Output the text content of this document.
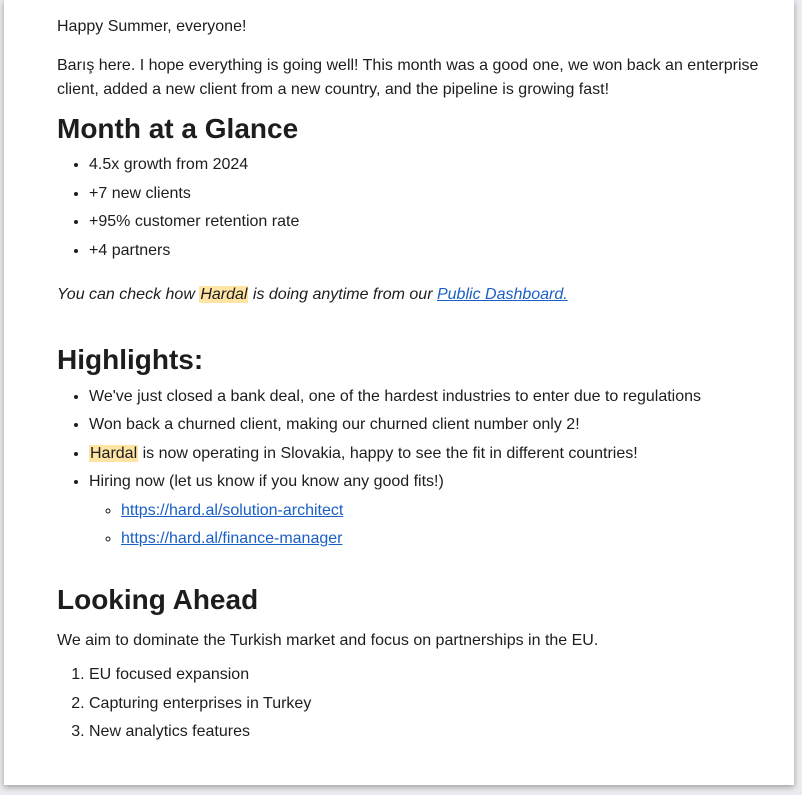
Happy Summer, everyone!

Barış here. I hope everything is going well! This month was a good one, we won back an enterprise client, added a new client from a new country, and the pipeline is growing fast!

Month at a Glance
• 4.5x growth from 2024
• +7 new clients
• +95% customer retention rate
• +4 partners

You can check how Hardal is doing anytime from our Public Dashboard.

Highlights:
• We've just closed a bank deal, one of the hardest industries to enter due to regulations
• Won back a churned client, making our churned client number only 2!
• Hardal is now operating in Slovakia, happy to see the fit in different countries!
• Hiring now (let us know if you know any good fits!)
◦ https://hard.al/solution-architect
◦ https://hard.al/finance-manager
Looking Ahead

We aim to dominate the Turkish market and focus on partnerships in the EU.

1. EU focused expansion
2. Capturing enterprises in Turkey
3. New analytics features
